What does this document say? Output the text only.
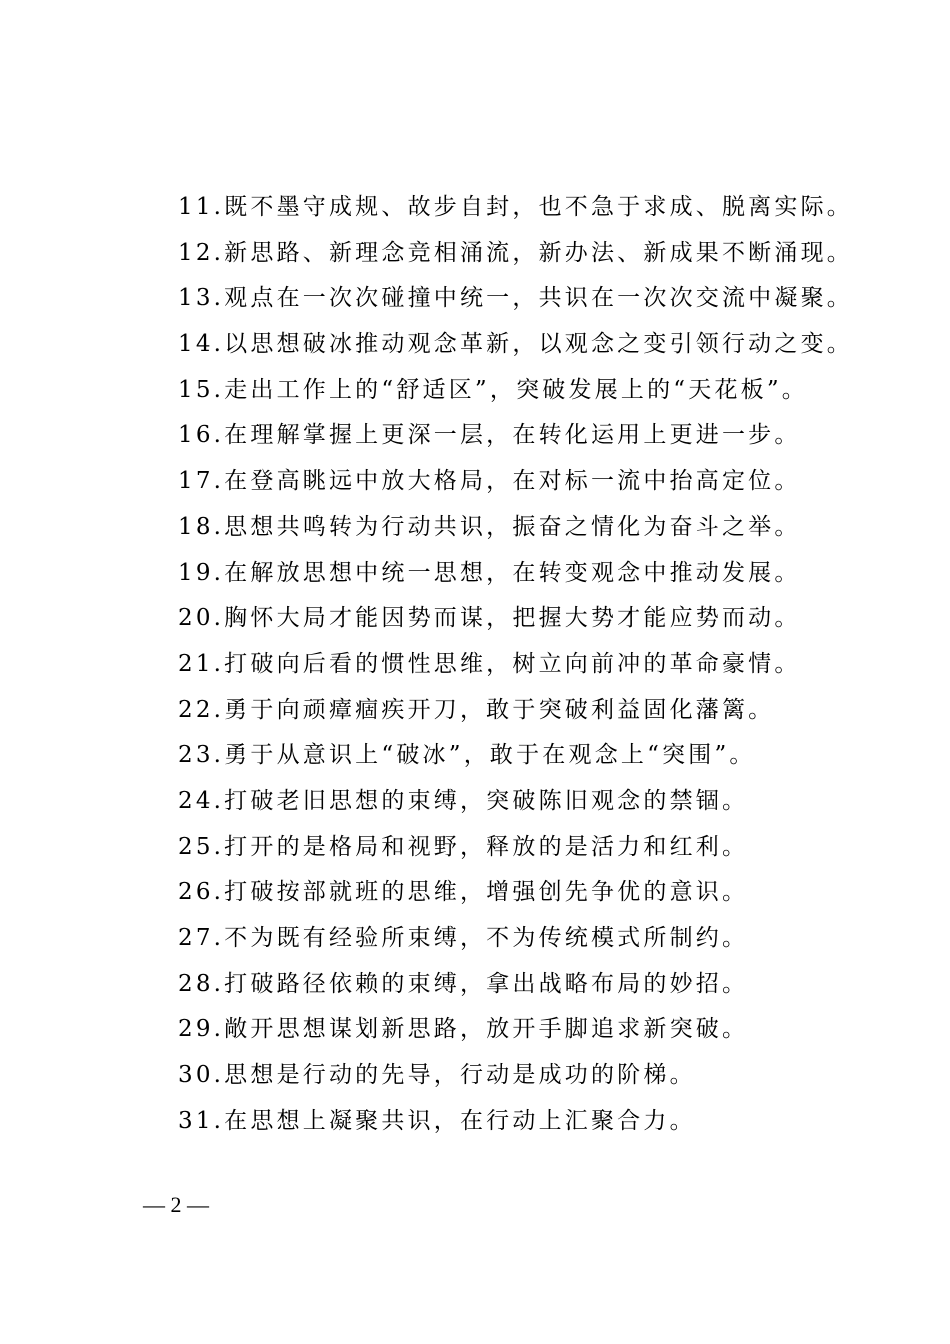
11.既不墨守成规、故步自封，也不急于求成、脱离实际。
12.新思路、新理念竞相涌流，新办法、新成果不断涌现。
13.观点在一次次碰撞中统一，共识在一次次交流中凝聚。
14.以思想破冰推动观念革新，以观念之变引领行动之变。
15.走出工作上的“舒适区”，突破发展上的“天花板”。
16.在理解掌握上更深一层，在转化运用上更进一步。
17.在登高眺远中放大格局，在对标一流中抬高定位。
18.思想共鸣转为行动共识，振奋之情化为奋斗之举。
19.在解放思想中统一思想，在转变观念中推动发展。
20.胸怀大局才能因势而谋，把握大势才能应势而动。
21.打破向后看的惯性思维，树立向前冲的革命豪情。
22.勇于向顽瘴痼疾开刀，敢于突破利益固化藩篱。
23.勇于从意识上“破冰”，敢于在观念上“突围”。
24.打破老旧思想的束缚，突破陈旧观念的禁锢。
25.打开的是格局和视野，释放的是活力和红利。
26.打破按部就班的思维，增强创先争优的意识。
27.不为既有经验所束缚，不为传统模式所制约。
28.打破路径依赖的束缚，拿出战略布局的妙招。
29.敞开思想谋划新思路，放开手脚追求新突破。
30.思想是行动的先导，行动是成功的阶梯。
31.在思想上凝聚共识，在行动上汇聚合力。
— 2 —
